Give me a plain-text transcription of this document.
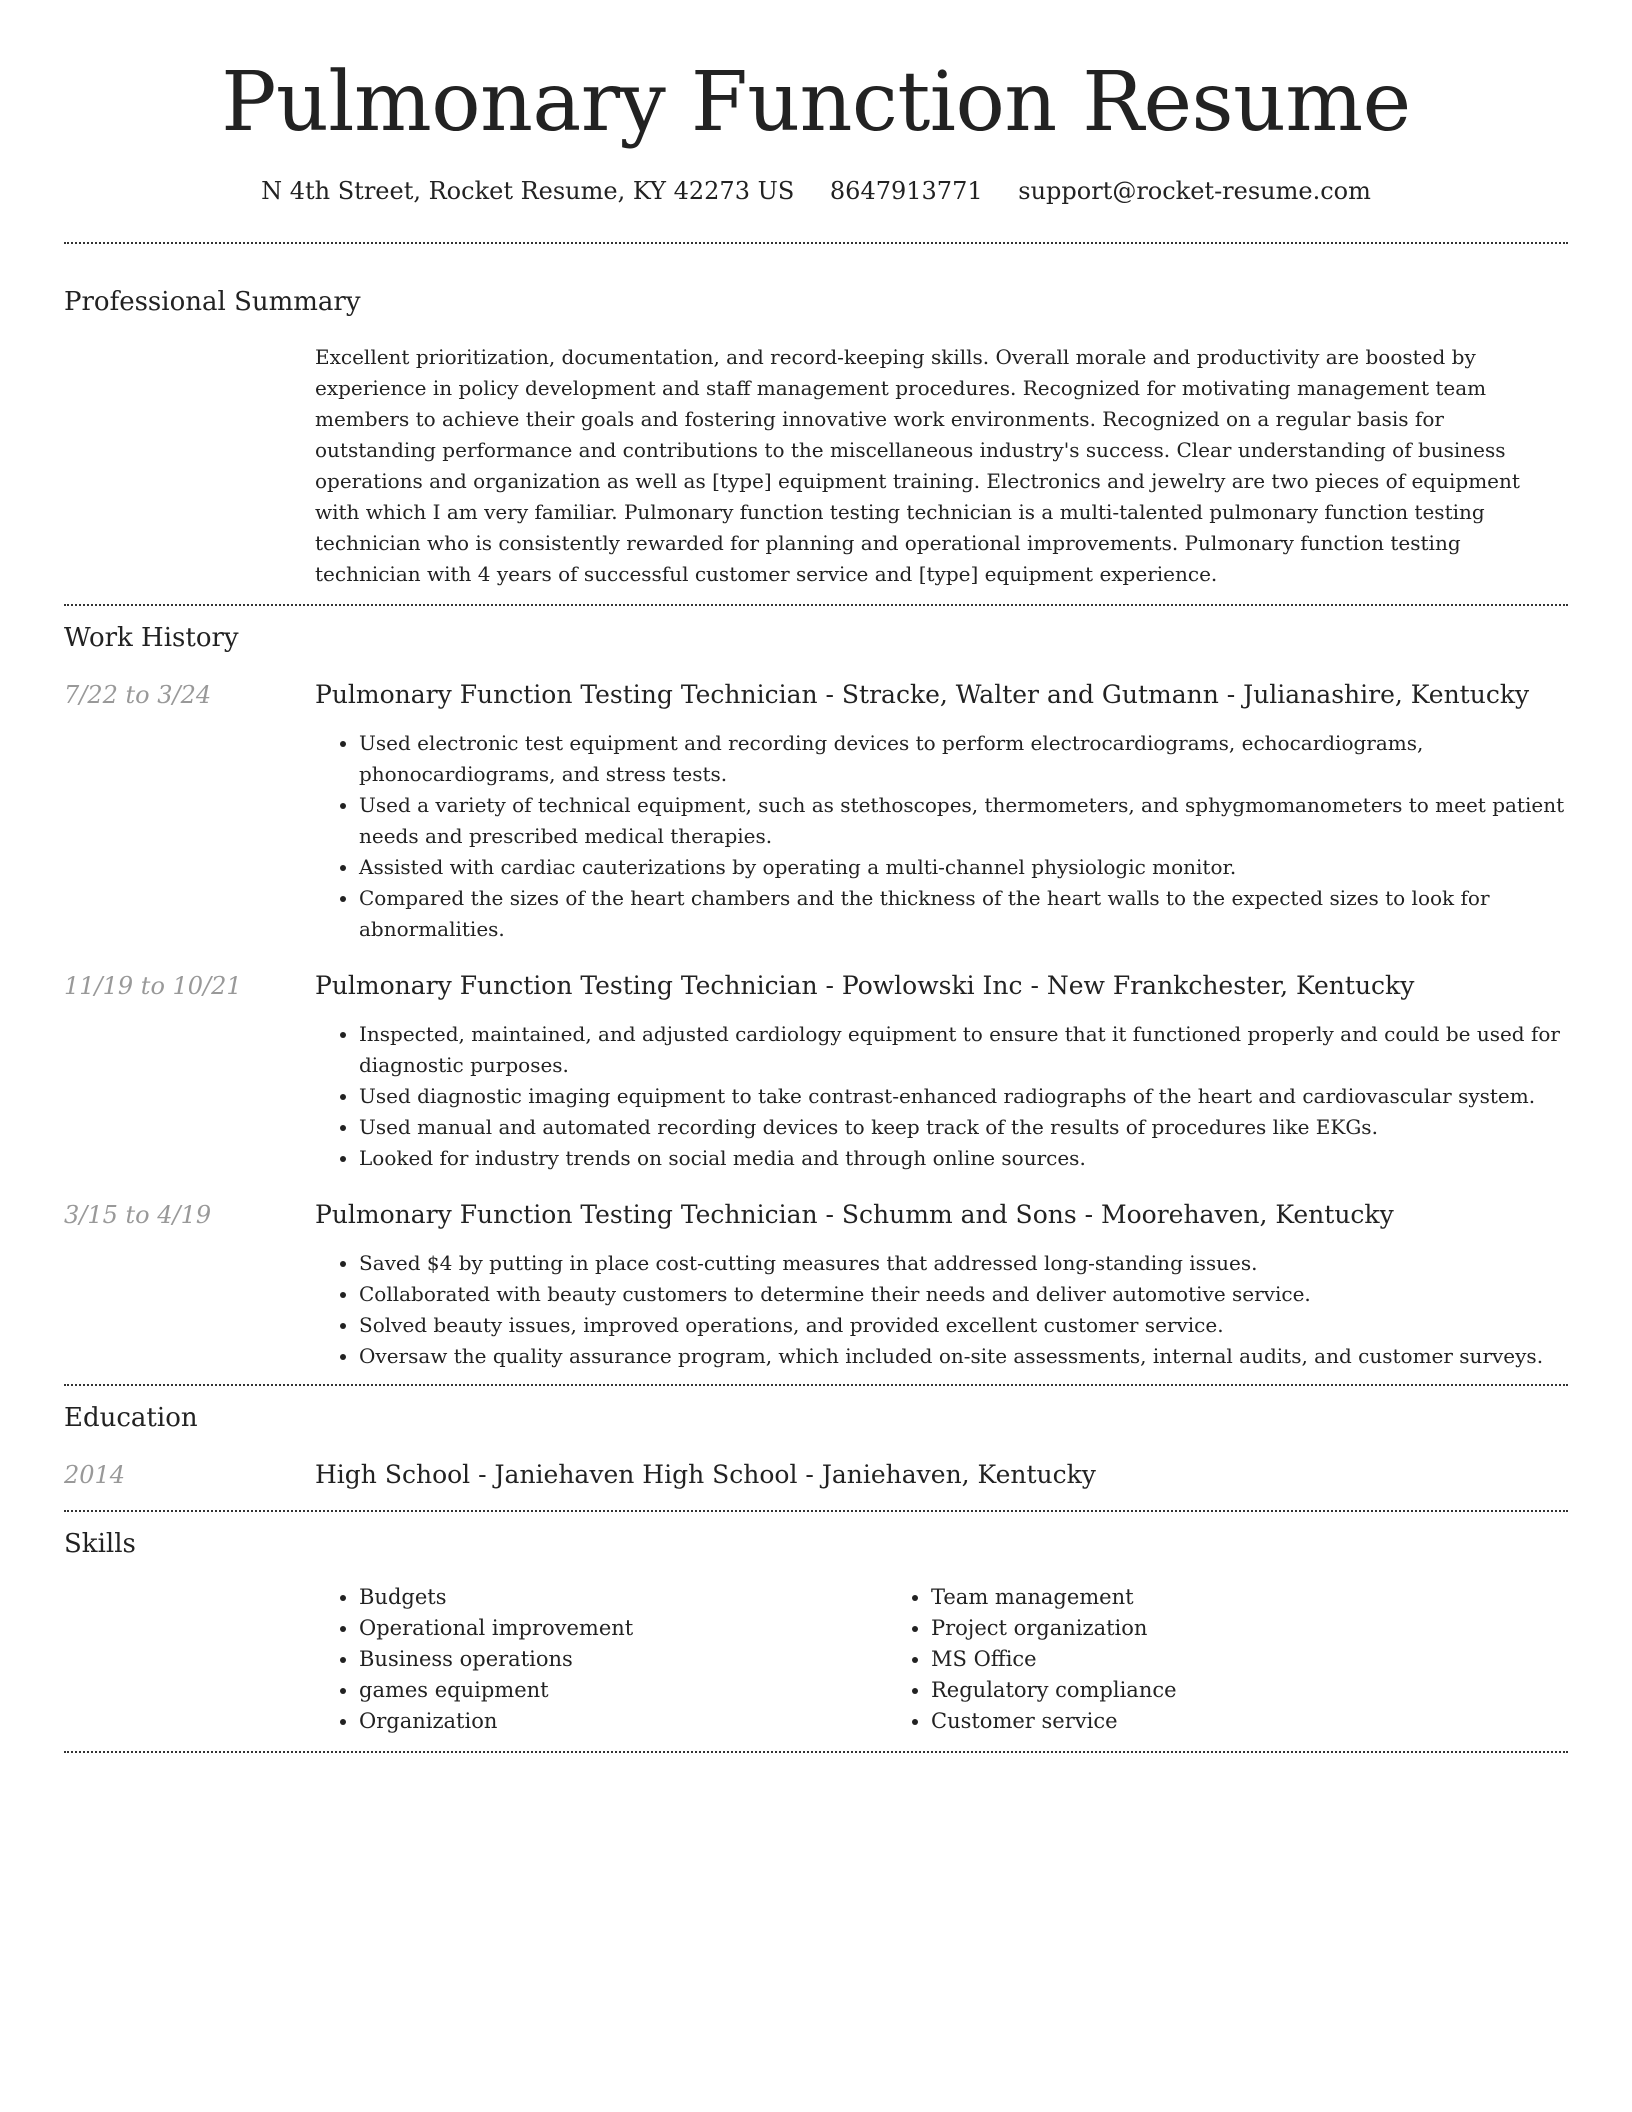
Pulmonary Function Resume
N 4th Street, Rocket Resume, KY 42273 US 8647913771 support@rocket-resume.com
Professional Summary
Excellent prioritization, documentation, and record-keeping skills. Overall morale and productivity are boosted by experience in policy development and staff management procedures. Recognized for motivating management team members to achieve their goals and fostering innovative work environments. Recognized on a regular basis for outstanding performance and contributions to the miscellaneous industry's success. Clear understanding of business operations and organization as well as [type] equipment training. Electronics and jewelry are two pieces of equipment with which I am very familiar. Pulmonary function testing technician is a multi-talented pulmonary function testing technician who is consistently rewarded for planning and operational improvements. Pulmonary function testing technician with 4 years of successful customer service and [type] equipment experience.
Work History
7/22 to 3/24	Pulmonary Function Testing Technician - Stracke, Walter and Gutmann - Julianashire, Kentucky
• Used electronic test equipment and recording devices to perform electrocardiograms, echocardiograms, phonocardiograms, and stress tests.
• Used a variety of technical equipment, such as stethoscopes, thermometers, and sphygmomanometers to meet patient needs and prescribed medical therapies.
• Assisted with cardiac cauterizations by operating a multi-channel physiologic monitor.
• Compared the sizes of the heart chambers and the thickness of the heart walls to the expected sizes to look for abnormalities.
11/19 to 10/21	Pulmonary Function Testing Technician - Powlowski Inc - New Frankchester, Kentucky
• Inspected, maintained, and adjusted cardiology equipment to ensure that it functioned properly and could be used for diagnostic purposes.
• Used diagnostic imaging equipment to take contrast-enhanced radiographs of the heart and cardiovascular system.
• Used manual and automated recording devices to keep track of the results of procedures like EKGs.
• Looked for industry trends on social media and through online sources.
3/15 to 4/19	Pulmonary Function Testing Technician - Schumm and Sons - Moorehaven, Kentucky
• Saved $4 by putting in place cost-cutting measures that addressed long-standing issues.
• Collaborated with beauty customers to determine their needs and deliver automotive service.
• Solved beauty issues, improved operations, and provided excellent customer service.
• Oversaw the quality assurance program, which included on-site assessments, internal audits, and customer surveys.
Education
2014	High School - Janiehaven High School - Janiehaven, Kentucky
Skills
• Budgets
• Operational improvement
• Business operations
• games equipment
• Organization
• Team management
• Project organization
• MS Office
• Regulatory compliance
• Customer service
